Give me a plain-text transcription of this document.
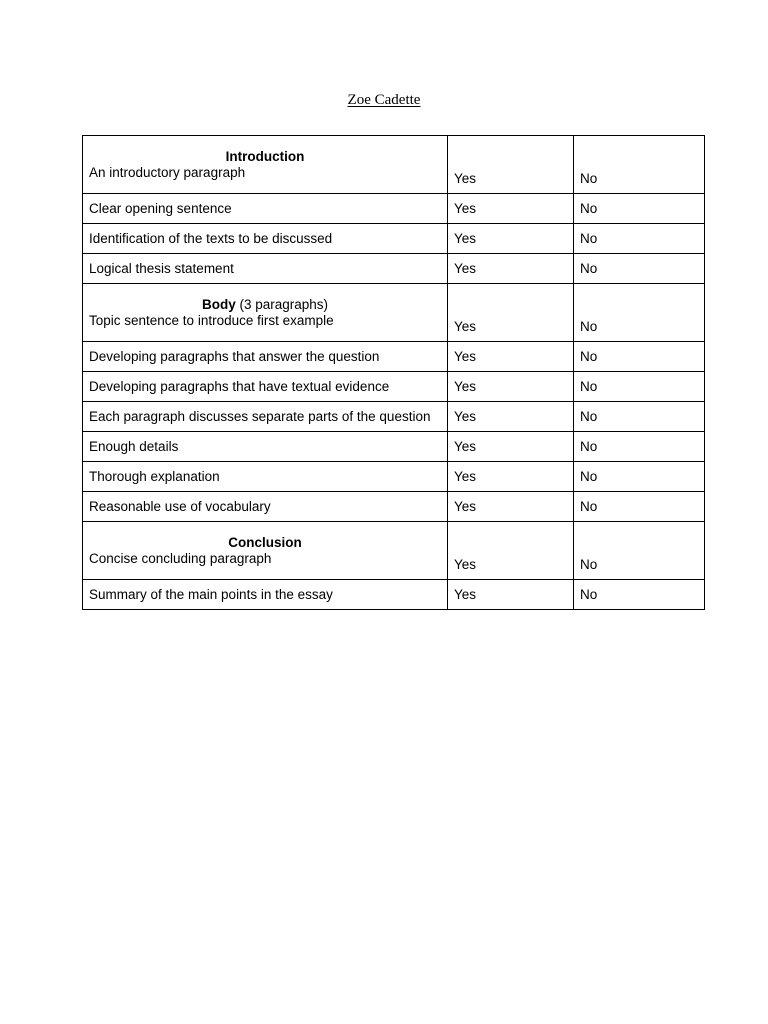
Zoe Cadette
Introduction
An introductory paragraph	Yes	No

Clear opening sentence	Yes	No

Identification of the texts to be discussed	Yes	No

Logical thesis statement	Yes	No

Body (3 paragraphs)
Topic sentence to introduce first example	Yes	No

Developing paragraphs that answer the question	Yes	No

Developing paragraphs that have textual evidence	Yes	No

Each paragraph discusses separate parts of the question	Yes	No

Enough details	Yes	No

Thorough explanation	Yes	No

Reasonable use of vocabulary	Yes	No

Conclusion
Concise concluding paragraph	Yes	No

Summary of the main points in the essay	Yes	No
